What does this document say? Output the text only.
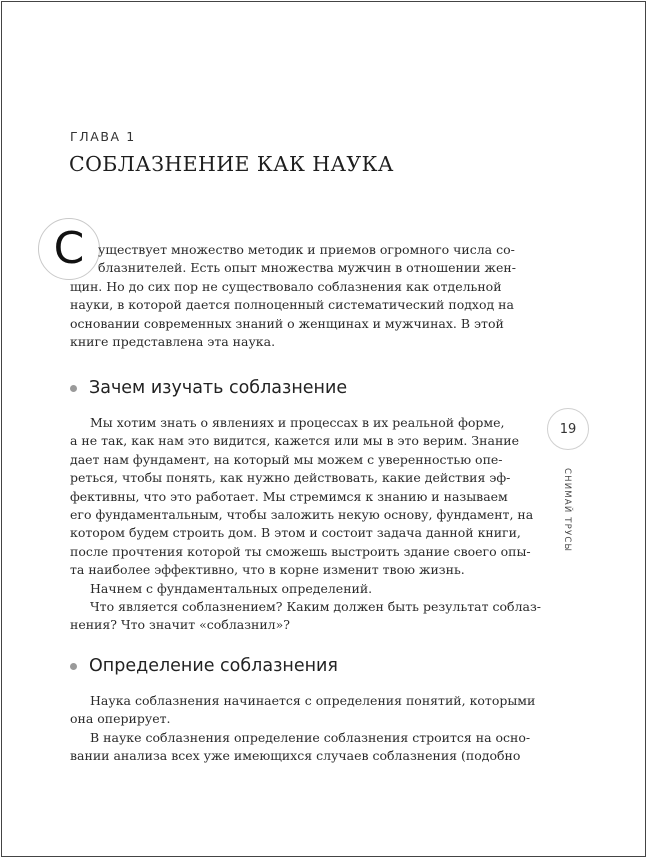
ГЛАВА 1
СОБЛАЗНЕНИЕ КАК НАУКА
С	уществует множество методик и приемов огромного числа со-
блазнителей. Есть опыт множества мужчин в отношении жен-
щин. Но до сих пор не существовало соблазнения как отдельной
науки, в которой дается полноценный систематический подход на
основании современных знаний о женщинах и мужчинах. В этой
книге представлена эта наука.

Зачем изучать соблазнение

Мы хотим знать о явлениях и процессах в их реальной форме,
а не так, как нам это видится, кажется или мы в это верим. Знание
дает нам фундамент, на который мы можем с уверенностью опе-
реться, чтобы понять, как нужно действовать, какие действия эф-
фективны, что это работает. Мы стремимся к знанию и называем
его фундаментальным, чтобы заложить некую основу, фундамент, на
котором будем строить дом. В этом и состоит задача данной книги,
после прочтения которой ты сможешь выстроить здание своего опы-
та наиболее эффективно, что в корне изменит твою жизнь.
Начнем с фундаментальных определений.
Что является соблазнением? Каким должен быть результат соблаз-
нения? Что значит «соблазнил»?

Определение соблазнения

Наука соблазнения начинается с определения понятий, которыми
она оперирует.
В науке соблазнения определение соблазнения строится на осно-
вании анализа всех уже имеющихся случаев соблазнения (подобно

19
СНИМАЙ ТРУСЫ
